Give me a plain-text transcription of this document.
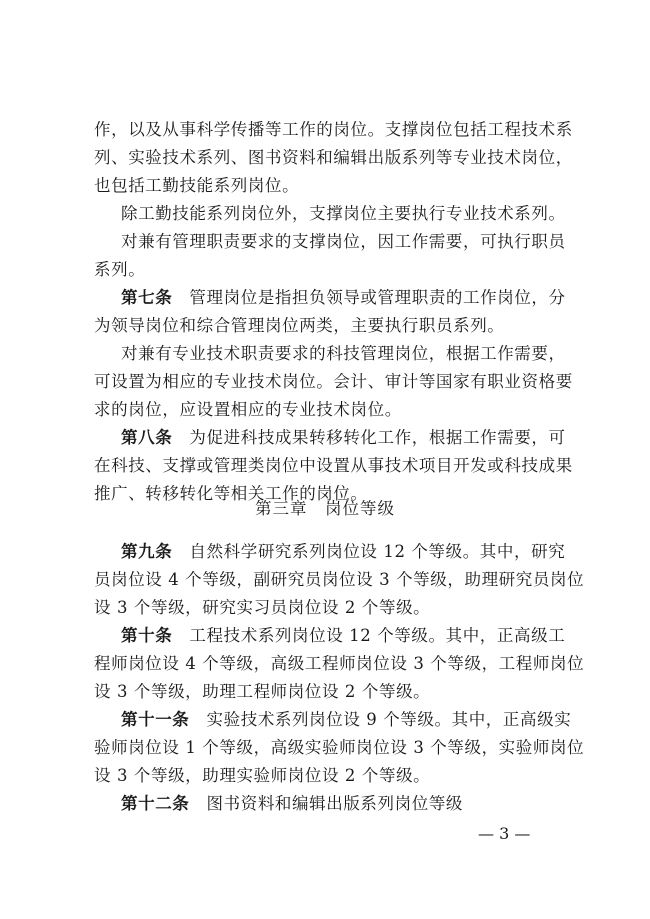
作，以及从事科学传播等工作的岗位。支撑岗位包括工程技术系
列、实验技术系列、图书资料和编辑出版系列等专业技术岗位，
也包括工勤技能系列岗位。
除工勤技能系列岗位外，支撑岗位主要执行专业技术系列。
对兼有管理职责要求的支撑岗位，因工作需要，可执行职员
系列。
第七条　 管理岗位是指担负领导或管理职责的工作岗位，分
为领导岗位和综合管理岗位两类，主要执行职员系列。
对兼有专业技术职责要求的科技管理岗位，根据工作需要，
可设置为相应的专业技术岗位。会计、审计等国家有职业资格要
求的岗位，应设置相应的专业技术岗位。
第八条　 为促进科技成果转移转化工作，根据工作需要，可
在科技、支撑或管理类岗位中设置从事技术项目开发或科技成果
推广、转移转化等相关工作的岗位。
第三章　岗位等级
第九条　 自然科学研究系列岗位设 12 个等级。其中，研究
员岗位设 4 个等级，副研究员岗位设 3 个等级，助理研究员岗位
设 3 个等级，研究实习员岗位设 2 个等级。
第十条　 工程技术系列岗位设 12 个等级。其中，正高级工
程师岗位设 4 个等级，高级工程师岗位设 3 个等级，工程师岗位
设 3 个等级，助理工程师岗位设 2 个等级。
第十一条　 实验技术系列岗位设 9 个等级。其中，正高级实
验师岗位设 1 个等级，高级实验师岗位设 3 个等级，实验师岗位
设 3 个等级，助理实验师岗位设 2 个等级。
第十二条　 图书资料和编辑出版系列岗位等级
— 3 —
